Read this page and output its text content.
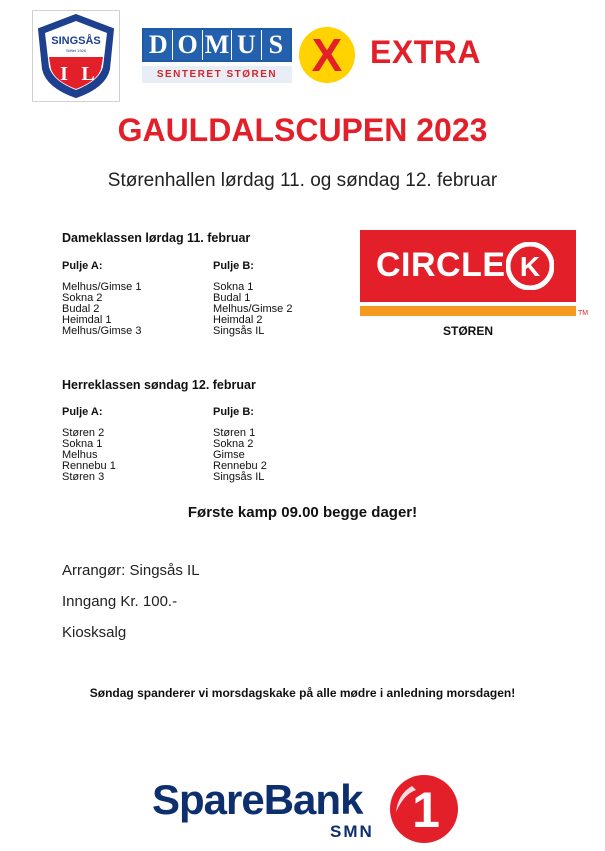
SINGSÅS
Stiftet 1926
I L
D O M U S
SENTERET STØREN X EXTRA
GAULDALSCUPEN 2023
Størenhallen lørdag 11. og søndag 12. februar
Dameklassen lørdag 11. februar
Pulje A:	Pulje B:
Melhus/Gimse 1
Sokna 2
Budal 2
Heimdal 1
Melhus/Gimse 3
Sokna 1
Budal 1
Melhus/Gimse 2
Heimdal 2
Singsås IL
CIRCLE K
TM
STØREN
Herreklassen søndag 12. februar
Pulje A:	Pulje B:
Støren 2
Sokna 1
Melhus
Rennebu 1
Støren 3
Støren 1
Sokna 2
Gimse
Rennebu 2
Singsås IL
Første kamp 09.00 begge dager!
Arrangør: Singsås IL
Inngang Kr. 100.-
Kiosksalg
Søndag spanderer vi morsdagskake på alle mødre i anledning morsdagen!
SpareBank
SMN 1
